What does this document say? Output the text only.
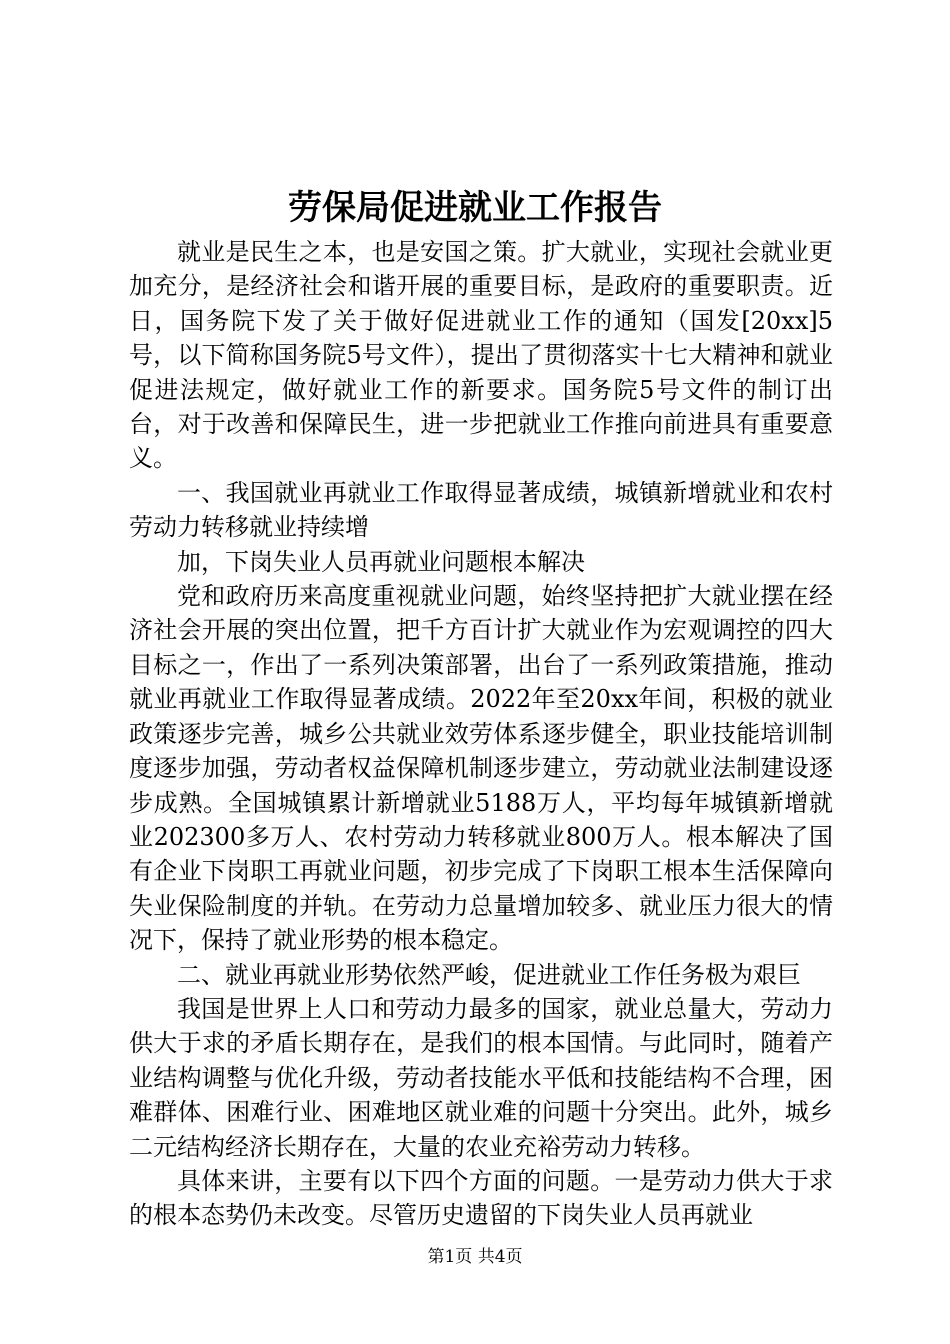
劳保局促进就业工作报告

就业是民生之本，也是安国之策。扩大就业，实现社会就业更加充分，是经济社会和谐开展的重要目标，是政府的重要职责。近日，国务院下发了关于做好促进就业工作的通知（国发[20xx]5号，以下简称国务院5号文件），提出了贯彻落实十七大精神和就业促进法规定，做好就业工作的新要求。国务院5号文件的制订出台，对于改善和保障民生，进一步把就业工作推向前进具有重要意义。

一、我国就业再就业工作取得显著成绩，城镇新增就业和农村劳动力转移就业持续增

加，下岗失业人员再就业问题根本解决

党和政府历来高度重视就业问题，始终坚持把扩大就业摆在经济社会开展的突出位置，把千方百计扩大就业作为宏观调控的四大目标之一，作出了一系列决策部署，出台了一系列政策措施，推动就业再就业工作取得显著成绩。2022年至20xx年间，积极的就业政策逐步完善，城乡公共就业效劳体系逐步健全，职业技能培训制度逐步加强，劳动者权益保障机制逐步建立，劳动就业法制建设逐步成熟。全国城镇累计新增就业5188万人，平均每年城镇新增就业202300多万人、农村劳动力转移就业800万人。根本解决了国有企业下岗职工再就业问题，初步完成了下岗职工根本生活保障向失业保险制度的并轨。在劳动力总量增加较多、就业压力很大的情况下，保持了就业形势的根本稳定。

二、就业再就业形势依然严峻，促进就业工作任务极为艰巨

我国是世界上人口和劳动力最多的国家，就业总量大，劳动力供大于求的矛盾长期存在，是我们的根本国情。与此同时，随着产业结构调整与优化升级，劳动者技能水平低和技能结构不合理，困难群体、困难行业、困难地区就业难的问题十分突出。此外，城乡二元结构经济长期存在，大量的农业充裕劳动力转移。

具体来讲，主要有以下四个方面的问题。一是劳动力供大于求的根本态势仍未改变。尽管历史遗留的下岗失业人员再就业

第1页 共4页
